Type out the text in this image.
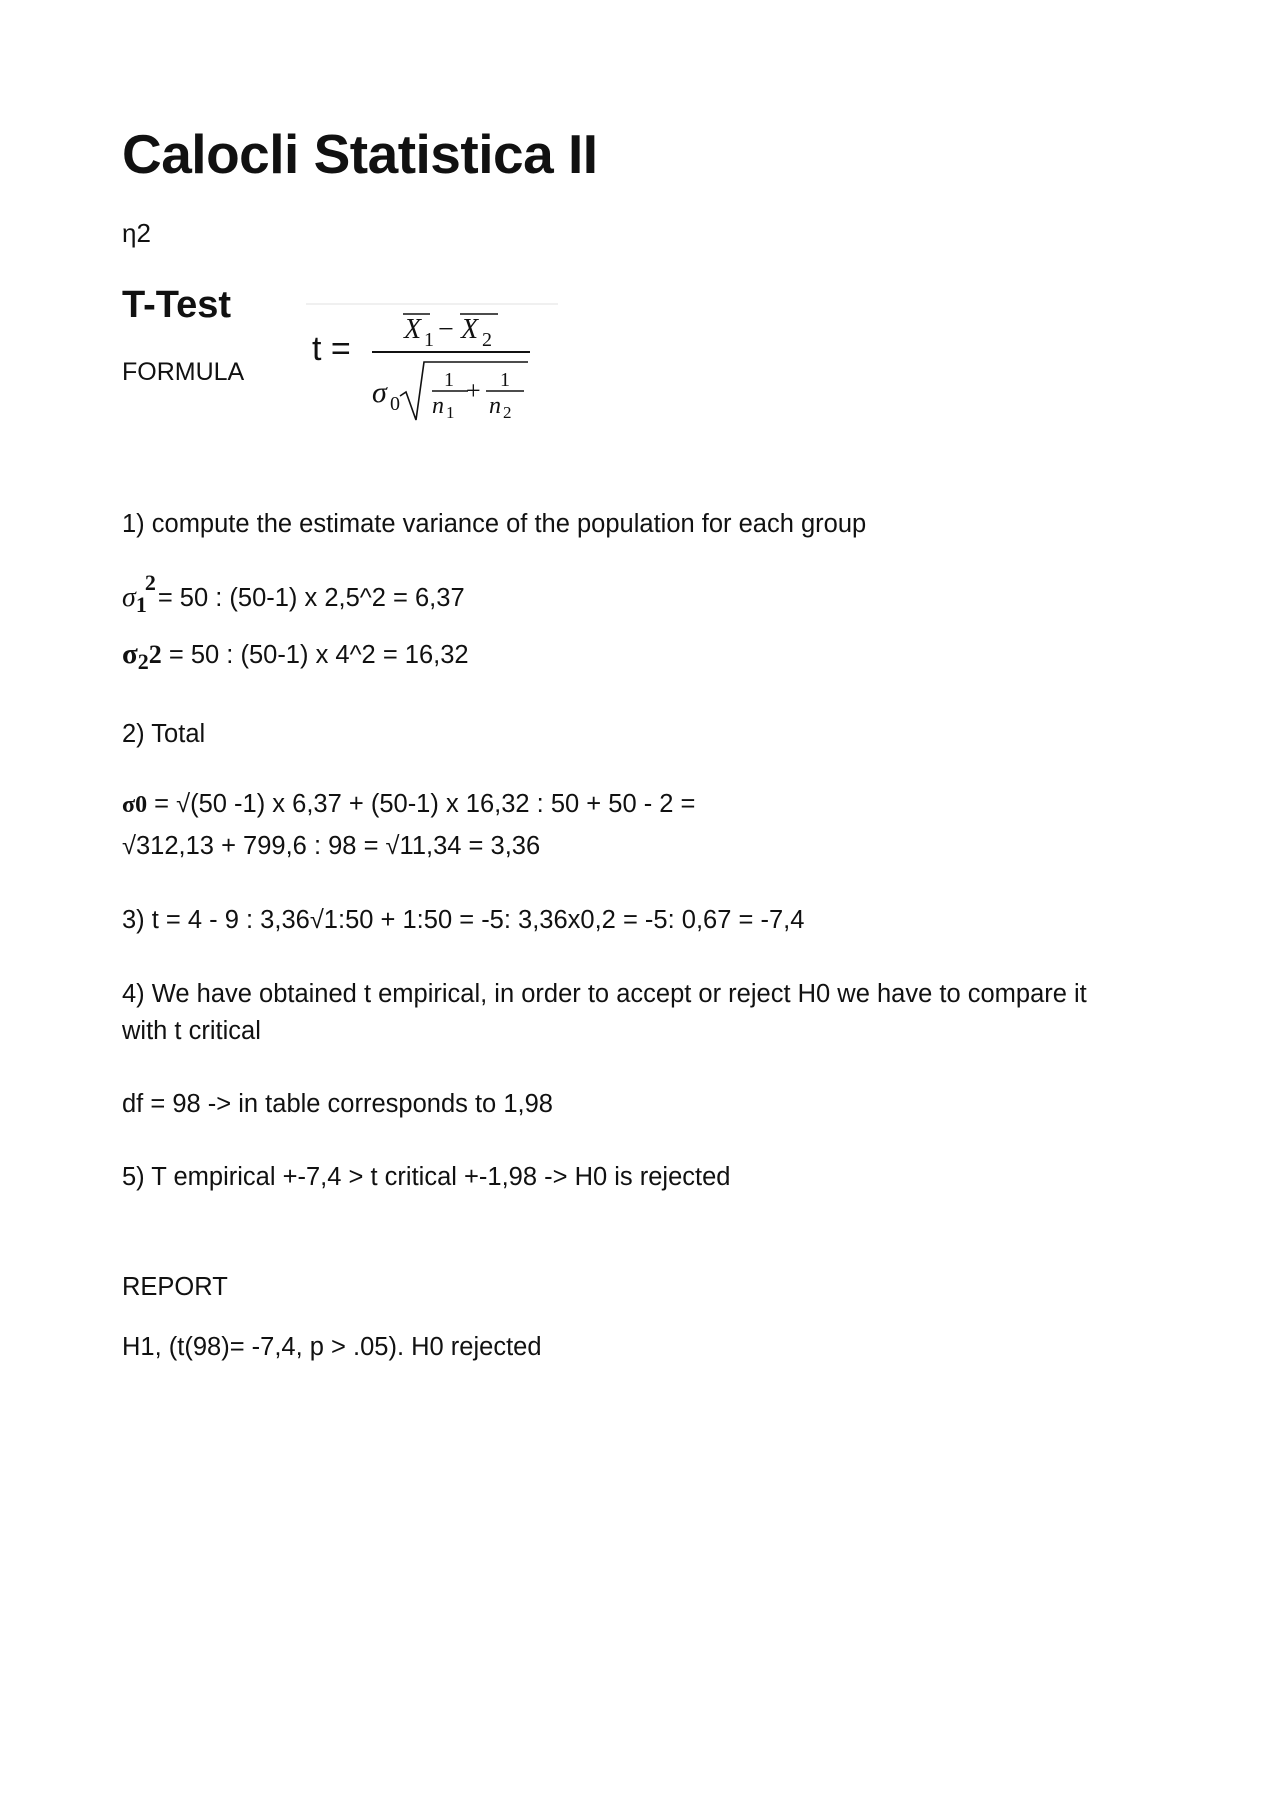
Calocli Statistica II
η2
T-Test
FORMULA
t =
X 1 − X 2
σ 0
1
n 1
+ 1
n 2
1) compute the estimate variance of the population for each group
σ12= 50 : (50-1) x 2,5^2 = 6,37
σ22 = 50 : (50-1) x 4^2 = 16,32
2) Total
σ0 = √(50 -1) x 6,37 + (50-1) x 16,32 : 50 + 50 - 2 =
√312,13 + 799,6 : 98 = √11,34 = 3,36
3) t = 4 - 9 : 3,36√1:50 + 1:50 = -5: 3,36x0,2 = -5: 0,67 = -7,4
4) We have obtained t empirical, in order to accept or reject H0 we have to compare it
with t critical
df = 98 -> in table corresponds to 1,98
5) T empirical +-7,4 > t critical +-1,98 -> H0 is rejected
REPORT
H1, (t(98)= -7,4, p > .05). H0 rejected
